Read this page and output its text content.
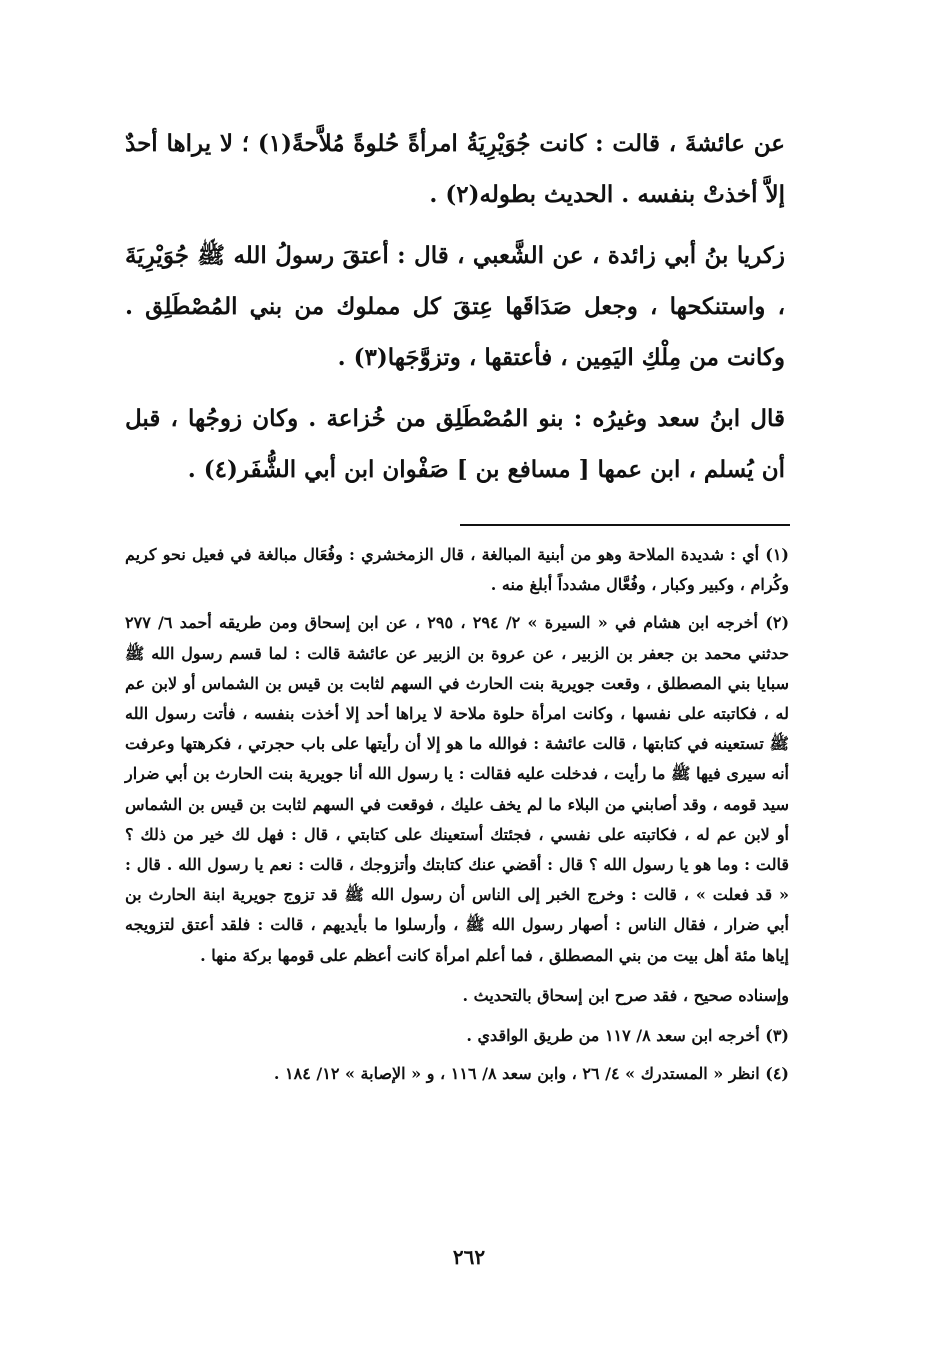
عن عائشةَ ، قالت : كانت جُوَيْرِيَةُ امرأةً حُلوةً مُلاَّحةً(١) ؛ لا يراها أحدٌ إلاَّ أخذتْ بنفسه . الحديث بطوله(٢) .

زكريا بنُ أبي زائدة ، عن الشَّعبي ، قال : أعتقَ رسولُ الله ﷺ جُوَيْرِيَةَ ، واستنكحها ، وجعل صَدَاقَها عِتقَ كل مملوك من بني المُصْطَلِق . وكانت من مِلْكِ اليَمِين ، فأعتقها ، وتزوَّجَها(٣) .

قال ابنُ سعد وغيرُه : بنو المُصْطَلِق من خُزاعة . وكان زوجُها ، قبل أن يُسلم ، ابن عمها [ مسافع بن ] صَفْوان ابن أبي الشُّفَر(٤) .

(١) أي : شديدة الملاحة وهو من أبنية المبالغة ، قال الزمخشري : وفُعَال مبالغة في فعيل نحو كريم وكُرام ، وكبير وكبار ، وفُعَّال مشدداً أبلغ منه .

(٢) أخرجه ابن هشام في « السيرة » ٢/ ٢٩٤ ، ٢٩٥ ، عن ابن إسحاق ومن طريقه أحمد ٦/ ٢٧٧ حدثني محمد بن جعفر بن الزبير ، عن عروة بن الزبير عن عائشة قالت : لما قسم رسول الله ﷺ سبايا بني المصطلق ، وقعت جويرية بنت الحارث في السهم لثابت بن قيس بن الشماس أو لابن عم له ، فكاتبته على نفسها ، وكانت امرأة حلوة ملاحة لا يراها أحد إلا أخذت بنفسه ، فأتت رسول الله ﷺ تستعينه في كتابتها ، قالت عائشة : فوالله ما هو إلا أن رأيتها على باب حجرتي ، فكرهتها وعرفت أنه سيرى فيها ﷺ ما رأيت ، فدخلت عليه فقالت : يا رسول الله أنا جويرية بنت الحارث بن أبي ضرار سيد قومه ، وقد أصابني من البلاء ما لم يخف عليك ، فوقعت في السهم لثابت بن قيس بن الشماس أو لابن عم له ، فكاتبته على نفسي ، فجئتك أستعينك على كتابتي ، قال : فهل لك خير من ذلك ؟ قالت : وما هو يا رسول الله ؟ قال : أقضي عنك كتابتك وأتزوجك ، قالت : نعم يا رسول الله . قال : « قد فعلت » ، قالت : وخرج الخبر إلى الناس أن رسول الله ﷺ قد تزوج جويرية ابنة الحارث بن أبي ضرار ، فقال الناس : أصهار رسول الله ﷺ ، وأرسلوا ما بأيديهم ، قالت : فلقد أعتق لتزويجه إياها مئة أهل بيت من بني المصطلق ، فما أعلم امرأة كانت أعظم على قومها بركة منها .

وإسناده صحيح ، فقد صرح ابن إسحاق بالتحديث .

(٣) أخرجه ابن سعد ٨/ ١١٧ من طريق الواقدي .

(٤) انظر « المستدرك » ٤/ ٢٦ ، وابن سعد ٨/ ١١٦ ، و « الإصابة » ١٢/ ١٨٤ .

٢٦٢
